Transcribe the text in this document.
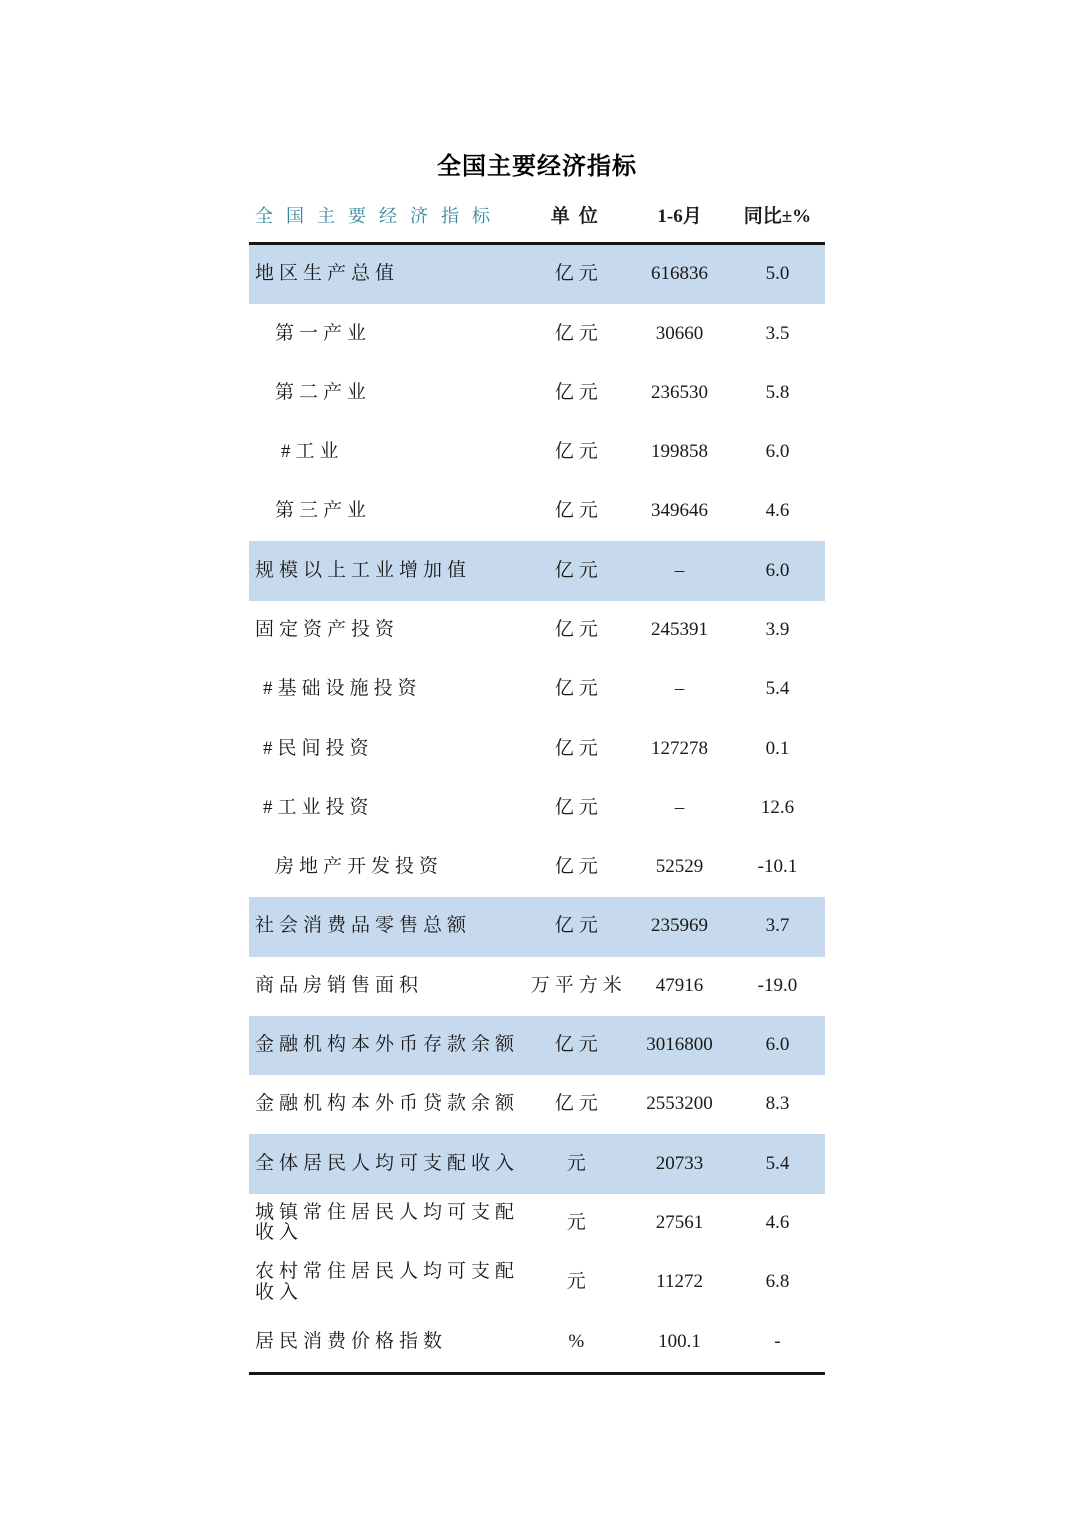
全国主要经济指标
全国主要经济指标	单位	1-6月	同比±%
地区生产总值	亿元	616836	5.0
第一产业	亿元	30660	3.5
第二产业	亿元	236530	5.8
#工业	亿元	199858	6.0
第三产业	亿元	349646	4.6
规模以上工业增加值	亿元	–	6.0
固定资产投资	亿元	245391	3.9
#基础设施投资	亿元	–	5.4
#民间投资	亿元	127278	0.1
#工业投资	亿元	–	12.6
房地产开发投资	亿元	52529	-10.1
社会消费品零售总额	亿元	235969	3.7
商品房销售面积	万平方米	47916	-19.0
金融机构本外币存款余额	亿元	3016800	6.0
金融机构本外币贷款余额	亿元	2553200	8.3
全体居民人均可支配收入	元	20733	5.4
城镇常住居民人均可支配收入	元	27561	4.6
农村常住居民人均可支配收入	元	11272	6.8
居民消费价格指数	%	100.1	-
